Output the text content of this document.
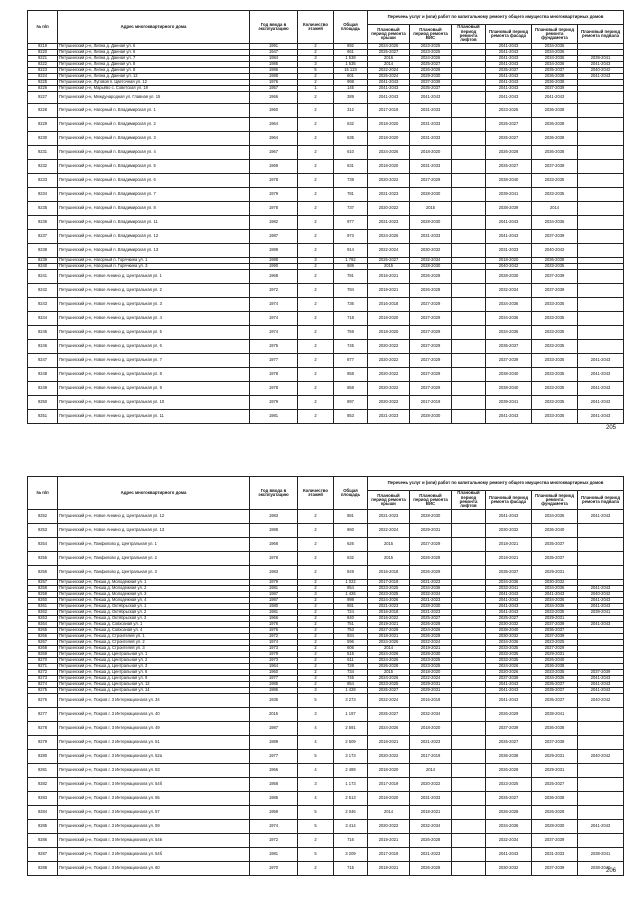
№ п/п	Адрес многоквартирного дома	Год ввода в эксплуатацию	Количество этажей	Общая площадь	Перечень услуг и (или) работ по капитальному ремонту общего имущества многоквартирных домов					
					Плановый период ремонта крыши	Плановый период ремонта ВИС	Плановый период ремонта лифтов	Плановый период ремонта фасада	Плановый период ремонта фундамента	Плановый период ремонта подвала
9219	Петушинский р-н, Липна д. Данная ул. 6	1991	2	892	2024-2026	2023-2025		2041-2043	2034-2036	
9220	Петушинский р-н, Липна д. Данная ул. 6	1947	2	661	2025-2027	2023-2025		2041-2043	2034-2036	
9221	Петушинский р-н, Липна д. Данная ул. 7	1984	3	1 538	2016	2024-2026		2041-2043	2034-2036	2039-2041
9222	Петушинский р-н, Липна д. Данная ул. 8	1985	3	1 535	2014	2025-2027		2041-2043	2034-2036	2041-2043
9223	Петушинский р-н, Липна д. Данная ул. 8	1986	5	15 123	2022-2024	2026-2028		2035-2037	2035-2037	2040-2042
9224	Петушинский р-н, Липна д. Данная ул. 12	1988	2	601	2025-2024	2029-2030		2041-2043	2036-2038	2041-2043
9225	Петушинский р-н, Луговой п. Цветочная ул. 12	1976	2	998	2041-2043	2037-2039		2041-2043	2036-2038	
9226	Петушинский р-н, Марьёво с. Советская ул. 19	1957	1	145	2041-2043	2035-2037		2041-2043	2037-2039	
9227	Петушинский р-н, Международная ул. Главная ул. 15	1966	2	389	2041-2043	2041-2043		2041-2043	2041-2043	
9228	Петушинский р-н, Нагорный п. Владимирская ул. 1	1960	2	312	2017-2019	2031-2033		2023-2025	2036-2038	
9229	Петушинский р-н, Нагорный п. Владимирская ул. 2	1964	2	632	2018-2020	2031-2033		2025-2027	2036-2038	
9230	Петушинский р-н, Нагорный п. Владимирская ул. 3	1964	2	635	2018-2020	2031-2033		2025-2027	2036-2038	
9231	Петушинский р-н, Нагорный п. Владимирская ул. 4	1967	2	610	2024-2026	2018-2020		2026-2028	2036-2038	
9232	Петушинский р-н, Нагорный п. Владимирская ул. 5	1969	2	631	2018-2020	2031-2033		2025-2027	2037-2039	
9233	Петушинский р-н, Нагорный п. Владимирская ул. 6	1978	2	739	2020-2022	2027-2029		2038-2040	2033-2035	
9234	Петушинский р-н, Нагорный п. Владимирская ул. 7	1979	2	781	2021-2023	2028-2030		2039-2041	2033-2035	
9235	Петушинский р-н, Нагорный п. Владимирская ул. 8	1978	2	737	2020-2022	2015		2038-2039	2014	
9236	Петушинский р-н, Нагорный п. Владимирская ул. 11	1982	2	977	2021-2023	2028-2030		2041-2043	2034-2036	
9237	Петушинский р-н, Нагорный п. Владимирская ул. 12	1987	2	973	2024-2026	2031-2033		2041-2043	2037-2039	
9238	Петушинский р-н, Нагорный п. Владимирская ул. 13	1989	2	914	2022-2024	2030-2032		2031-2033	2040-2042	
9239	Петушинский р-н, Нагорный п. Горячкина ул. 1	1988	3	1 782	2025-2027	2032-2034		2018-2020	2036-2038	
9240	Петушинский р-н, Нагорный п. Горячкина ул. 3	1990	2	689	2015	2028-2030		2040-2042	2033-2035	
9241	Петушинский р-н, Новое Аннино д. Центральная ул. 1	1968	2	781	2016-2021	2026-2028		2028-2030	2037-2039	
9242	Петушинский р-н, Новое Аннино д. Центральная ул. 2	1972	2	784	2019-2021	2026-2028		2032-2034	2037-2039	
9243	Петушинский р-н, Новое Аннино д. Центральная ул. 3	1974	2	736	2016-2018	2027-2029		2034-2036	2033-2035	
9244	Петушинский р-н, Новое Аннино д. Центральная ул. 4	1974	2	718	2018-2020	2027-2029		2034-2036	2033-2035	
9245	Петушинский р-н, Новое Аннино д. Центральная ул. 5	1974	2	759	2018-2020	2027-2029		2034-2036	2033-2035	
9246	Петушинский р-н, Новое Аннино д. Центральная ул. 6	1975	2	745	2020-2022	2027-2029		2035-2037	2033-2035	
9247	Петушинский р-н, Новое Аннино д. Центральная ул. 7	1977	2	877	2020-2022	2027-2029		2037-2039	2033-2035	2041-2043
9248	Петушинский р-н, Новое Аннино д. Центральная ул. 8	1978	2	858	2020-2022	2027-2029		2038-2040	2033-2035	2041-2043
9249	Петушинский р-н, Новое Аннино д. Центральная ул. 9	1978	2	858	2020-2022	2027-2029		2038-2040	2033-2035	2041-2043
9250	Петушинский р-н, Новое Аннино д. Центральная ул. 10	1979	2	897	2020-2022	2017-2019		2039-2041	2033-2035	2041-2043
9251	Петушинский р-н, Новое Аннино д. Центральная ул. 11	1981	2	853	2021-2023	2028-2030		2041-2043	2033-2035	2041-2043
205
№ п/п	Адрес многоквартирного дома	Год ввода в эксплуатацию	Количество этажей	Общая площадь	Перечень услуг и (или) работ по капитальному ремонту общего имущества многоквартирных домов					
					Плановый период ремонта крыши	Плановый период ремонта ВИС	Плановый период ремонта лифтов	Плановый период ремонта фасада	Плановый период ремонта фундамента	Плановый период ремонта подвала
9252	Петушинский р-н, Новое Аннино д. Центральная ул. 12	1983	2	881	2021-2023	2028-2030		2041-2043	2034-2036	2041-2043
9253	Петушинский р-н, Новое Аннино д. Центральная ул. 13	1988	2	860	2022-2024	2029-2031		2030-2032	2036-2040	
9254	Петушинский р-н, Панфилово д. Центральная ул. 1	1968	2	626	2015	2027-2029		2018-2021	2035-2037	
9255	Петушинский р-н, Панфилово д. Центральная ул. 2	1978	2	632	2015	2026-2028		2018-2021	2035-2037	
9256	Петушинский р-н, Панфилово д. Центральная ул. 3	1983	2	849	2016-2018	2026-2029		2035-2037	2029-2031	
9257	Петушинский р-н, Пекша д. Молодежная ул. 1	1979	2	1 022	2017-2019	2021-2023		2034-2036	2030-2032	
9258	Петушинский р-н, Пекша д. Молодежная ул. 2	1981	2	854	2023-2025	2034-2036		2033-2041	2034-2036	2041-2043
9259	Петушинский р-н, Пекша д. Молодежная ул. 3	1987	3	1 426	2023-2025	2032-2034		2041-2043	2041-2043	2040-2042
9260	Петушинский р-н, Пекша д. Молодежная ул. 4	1987	2	998	2024-2026	2021-2023		2041-2043	2034-2036	2041-2043
9261	Петушинский р-н, Пекша д. Октябрьская ул. 1	1980	2	681	2021-2023	2028-2030		2041-2043	2034-2036	2041-2043
9262	Петушинский р-н, Пекша д. Октябрьская ул. 2	1981	2	724	2016-2018	2021-2023		2041-2043	2033-2035	2039-2041
9263	Петушинский р-н, Пекша д. Октябрьская ул. 3	1966	2	840	2016-2022	2025-2027		2025-2027	2029-2031	
9264	Петушинский р-н, Пекша д. Совхозная ул. 1	1976	2	751	2019-2021	2026-2028		2030-2032	2037-2039	2041-2043
9265	Петушинский р-н, Пекша д. Совхозная ул. 4	1976	2	753	2027-2029	2024-2026		2038-2040	2036-2037	
9266	Петушинский р-н, Пекша д. Строителей ул. 1	1972	2	934	2018-2021	2026-2028		2030-2032	2037-2039	
9267	Петушинский р-н, Пекша д. Строителей ул. 2	1974	2	596	2024-2026	2022-2024		2034-2036	2023-2025	
9268	Петушинский р-н, Пекша д. Строителей ул. 3	1973	2	606	2014	2019-2021		2033-2035	2027-2029	
9269	Петушинский р-н, Пекша д. Центральная ул. 1	1979	2	515	2024-2026	2028-2030		2033-2035	2029-2031	
9270	Петушинский р-н, Пекша д. Центральная ул. 2	1973	2	611	2024-2026	2023-2025		2033-2035	2026-2040	
9271	Петушинский р-н, Пекша д. Центральная ул. 3	1964	2	728	2026-2028	2023-2025		2024-2026	2036-2038	
9272	Петушинский р-н, Пекша д. Центральная ул. 6	1960	2	734	2015	2018-2020		2020-2026	2033-2035	2037-2039
9273	Петушинский р-н, Пекша д. Центральная ул. 9	1977	2	745	2024-2026	2022-2024		2037-2039	2034-2036	2041-2043
9274	Петушинский р-н, Пекша д. Центральная ул. 12	1985	2	854	2023-2025	2029-2031		2041-2043	2035-2037	2041-2043
9275	Петушинский р-н, Пекша д. Центральная ул. 14	1986	3	1 428	2025-2027	2029-2031		2041-2043	2035-2037	2041-2043
9276	Петушинский р-н, Покров г. 3 Интернационала ул. 34	1935	5	3 273	2022-2024	2016-2018		2041-2043	2035-2037	2040-2042
9277	Петушинский р-н, Покров г. 3 Интернационала ул. 40	2015	3	1 197	2025-2027	2032-2034		2026-2029	2038-2041	
9278	Петушинский р-н, Покров г. 3 Интернационала ул. 49	1987	4	2 591	2024-2026	2018-2020		2037-2039	2036-2038	
9279	Петушинский р-н, Покров г. 3 Интернационала ул. 51	1989	4	2 509	2018-2021	2021-2023		2025-2027	2037-2039	
9280	Петушинский р-н, Покров г. 3 Интернационала ул. 52а	1977	5	3 173	2020-2022	2017-2019		2036-2038	2029-2031	2040-2042
9281	Петушинский р-н, Покров г. 3 Интернационала ул. 53	1966	4	2 489	2018-2020	2014		2026-2028	2029-2031	
9282	Петушинский р-н, Покров г. 3 Интернационала ул. 54б	1958	3	1 173	2017-2019	2020-2022		2023-2025	2025-2027	
9283	Петушинский р-н, Покров г. 3 Интернационала ул. 55	1985	4	2 513	2018-2020	2031-2033		2025-2027	2036-2038	
9284	Петушинский р-н, Покров г. 3 Интернационала ул. 57	1959	5	2 046	2014	2018-2021		2026-2028	2026-2028	
9285	Петушинский р-н, Покров г. 3 Интернационала ул. 59	1974	5	3 414	2020-2022	2032-2034		2034-2036	2028-2030	2041-2043
9286	Петушинский р-н, Покров г. 3 Интернационала ул. 54в	1972	2	716	2019-2021	2026-2028		2032-2034	2037-2039	
9287	Петушинский р-н, Покров г. 3 Интернационала ул. 54б	1981	5	3 209	2017-2019	2021-2023		2041-2043	2031-2033	2038-2041
9288	Петушинский р-н, Покров г. 3 Интернационала ул. 60	1970	2	715	2019-2021	2026-2028		2030-2032	2037-2039	2038-2040
206
